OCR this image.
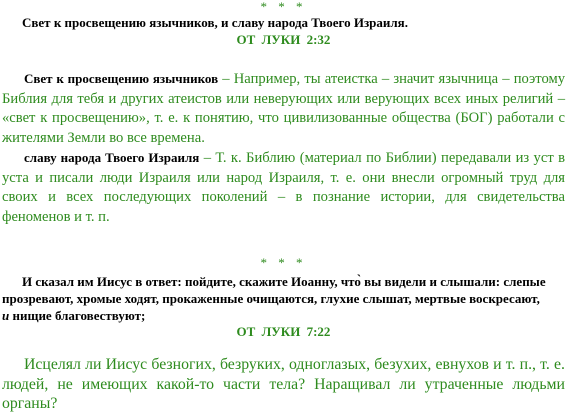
* * *
Свет к просвещению язычников, и славу народа Твоего Израиля.
ОТ ЛУКИ 2:32
Свет к просвещению язычников – Например, ты атеистка – значит язычница – поэтому Библия для тебя и других атеистов или неверующих или верующих всех иных религий – «свет к просвещению», т. е. к понятию, что цивилизованные общества (БОГ) работали с жителями Земли во все времена.
славу народа Твоего Израиля – Т. к. Библию (материал по Библии) передавали из уст в уста и писали люди Израиля или народ Израиля, т. е. они внесли огромный труд для своих и всех последующих поколений – в познание истории, для свидетельства феноменов и т. п.
* * *
И сказал им Иисус в ответ: пойдите, скажите Иоанну, что̀ вы видели и слышали: слепые
прозревают, хромые ходят, прокаженные очищаются, глухие слышат, мертвые воскресают,
и нищие благовествуют;
ОТ ЛУКИ 7:22
Исцелял ли Иисус безногих, безруких, одноглазых, безухих, евнухов и т. п., т. е. людей, не имеющих какой-то части тела? Наращивал ли утраченные людьми органы?
